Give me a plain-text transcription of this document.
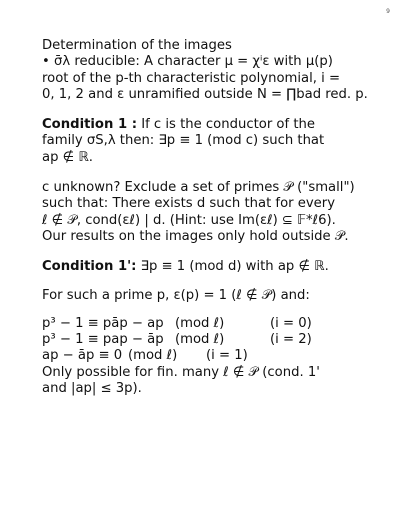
9

Determination of the images

• σ̄λ reducible: A character μ = χⁱε with μ(p)

root of the p-th characteristic polynomial, i =

0, 1, 2 and ε unramified outside N = ∏bad red. p.

Condition 1 : If c is the conductor of the

family σS,λ then: ∃p ≡ 1 (mod c) such that

ap ∉ ℝ.

c unknown? Exclude a set of primes 𝒫 ("small")

such that: There exists d such that for every

ℓ ∉ 𝒫, cond(εℓ) | d. (Hint: use Im(εℓ) ⊆ 𝔽*ℓ6).

Our results on the images only hold outside 𝒫.

Condition 1': ∃p ≡ 1 (mod d) with ap ∉ ℝ.

For such a prime p, ε(p) = 1 (ℓ ∉ 𝒫) and:

p³ − 1 ≡ pāp − ap (mod ℓ)	(i = 0)
p³ − 1 ≡ pap − āp (mod ℓ)	(i = 2)
ap − āp ≡ 0 (mod ℓ)	(i = 1)

Only possible for fin. many ℓ ∉ 𝒫 (cond. 1'

and |ap| ≤ 3p).
